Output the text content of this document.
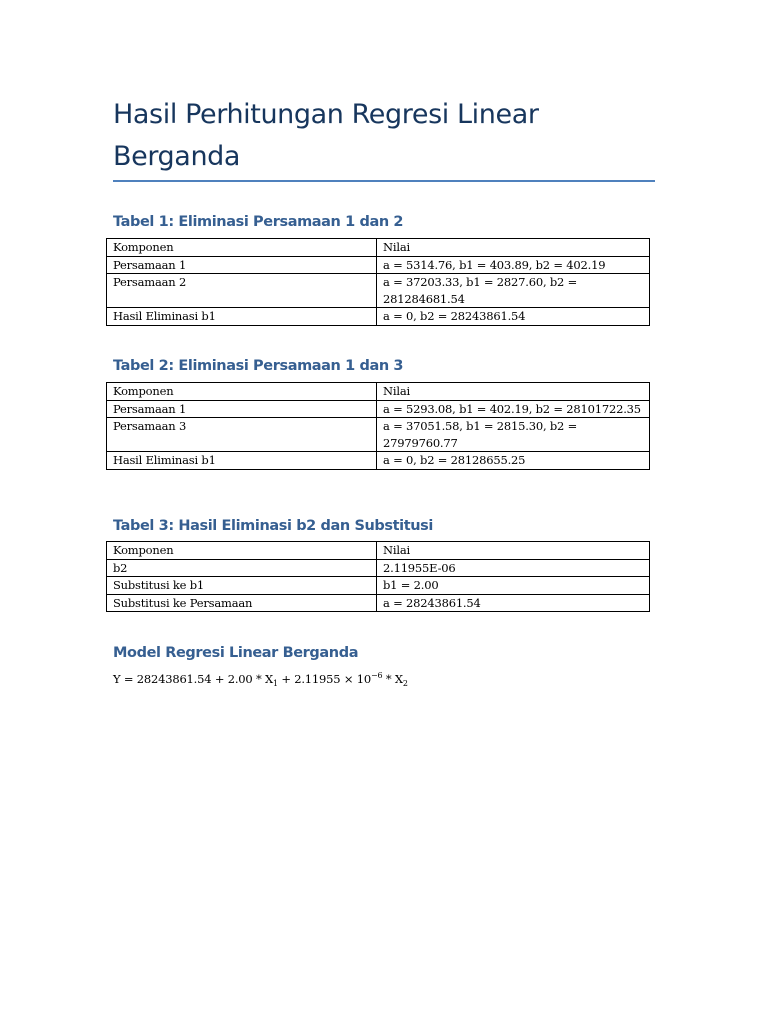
Hasil Perhitungan Regresi Linear Berganda
Tabel 1: Eliminasi Persamaan 1 dan 2
Komponen	Nilai
Persamaan 1	a = 5314.76, b1 = 403.89, b2 = 402.19
Persamaan 2	a = 37203.33, b1 = 2827.60, b2 = 281284681.54
Hasil Eliminasi b1	a = 0, b2 = 28243861.54
Tabel 2: Eliminasi Persamaan 1 dan 3
Komponen	Nilai
Persamaan 1	a = 5293.08, b1 = 402.19, b2 = 28101722.35
Persamaan 3	a = 37051.58, b1 = 2815.30, b2 = 27979760.77
Hasil Eliminasi b1	a = 0, b2 = 28128655.25
Tabel 3: Hasil Eliminasi b2 dan Substitusi
Komponen	Nilai
b2	2.11955E-06
Substitusi ke b1	b1 = 2.00
Substitusi ke Persamaan	a = 28243861.54
Model Regresi Linear Berganda

$Y = 28243861.54 + 2.00 * X_1 + 2.11955 \times 10^{-6} * X_2$
